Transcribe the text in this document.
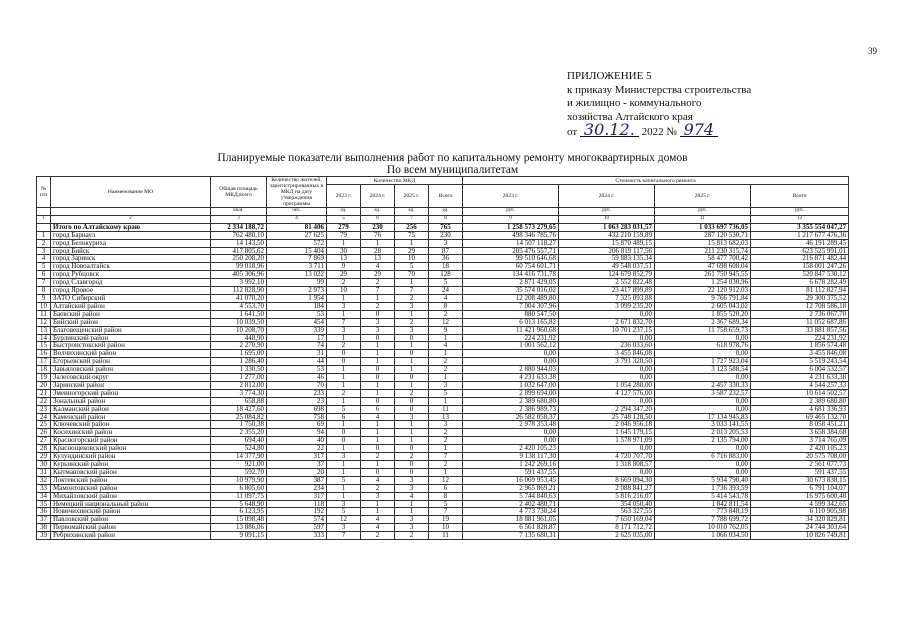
39
ПРИЛОЖЕНИЕ 5
к приказу Министерства строительства
и жилищно - коммунального
хозяйства Алтайского края
от 30.12. 2022 № 974
Планируемые показатели выполнения работ по капитальному ремонту многоквартирных домов
По всем муниципалитетам
№ п/п	Наименование МО	Общая площадь МКД,всего	Количество жителей, зарегистрированных в МКД на дату утверждения программы	Количество МКД				Стоимость капитального ремонта			
				2023 г.	2024 г.	2025 г.	Всего	2023 г.	2024 г.	2025 г.	Всего
		кв.м.	чел.	ед.	ед.	ед.	ед.	руб.	руб.	руб.	руб.
1	2	3	4	5	6	7	8	9	10	11	12
	Итого по Алтайскому краю	2 334 188,72	81 406	279	230	256	765	1 258 573 279,65	1 063 283 031,57	1 033 697 736,05	3 355 554 047,27
1	город Барнаул	762 480,10	27 625	79	76	75	230	498 346 785,76	432 210 159,89	287 120 530,71	1 217 677 476,36
2	город Белокуриха	14 143,50	572	1	1	1	3	14 507 118,27	15 870 489,15	15 813 682,03	46 191 289,45
3	город Бийск	417 805,62	15 404	30	28	29	87	205 476 557,71	206 819 117,56	211 230 315,74	623 525 991,01
4	город Заринск	250 208,20	7 869	13	13	10	36	99 510 646,68	59 883 135,34	58 477 700,42	216 871 482,44
5	город Новоалтайск	99 018,96	3 711	9	4	5	18	60 754 601,71	49 548 037,51	47 698 608,04	158 001 247,26
6	город Рубцовск	405 306,96	13 022	29	29	70	128	134 416 731,78	124 679 852,79	261 750 945,55	520 847 530,12
7	город Славгород	3 992,10	99	2	2	1	5	2 871 429,05	2 552 822,48	1 254 030,96	6 678 282,49
8	город Яровое	112 828,90	2 973	10	7	7	24	35 574 016,02	23 417 899,89	22 120 912,03	81 112 827,94
9	ЗАТО Сибирский	41 070,20	1 954	1	1	2	4	12 208 489,80	7 325 093,88	9 766 791,84	29 300 375,52
10	Алтайский район	4 553,70	184	3	2	3	8	7 004 307,96	3 099 235,20	2 605 043,02	12 708 586,18
11	Баевский район	1 641,50	53	1	0	1	2	880 547,50	0,00	1 855 520,20	2 736 067,70
12	Бийский район	10 039,50	454	7	3	2	12	6 013 165,82	2 671 832,70	2 367 689,34	11 052 687,86
13	Благовещенский район	10 208,70	339	3	3	3	9	11 421 960,68	10 701 237,15	11 758 659,73	33 881 857,56
14	Бурлинский район	448,90	17	1	0	0	1	224 231,92	0,00	0,00	224 231,92
15	Быстроистокский район	2 270,90	74	2	1	1	4	1 001 562,12	236 033,60	618 978,76	1 856 574,48
16	Волчихинский район	1 695,00	31	0	1	0	1	0,00	3 455 846,08	0,00	3 455 846,08
17	Егорьевский район	1 286,40	44	0	1	1	2	0,00	3 791 320,50	1 727 923,04	5 519 243,54
18	Завьяловский район	1 330,50	53	1	0	1	2	2 880 944,03	0,00	3 123 588,54	6 004 532,57
19	Залесовский округ	1 277,00	46	1	0	0	1	4 231 633,38	0,00	0,00	4 231 633,38
20	Заринский район	2 812,00	70	1	1	1	3	1 032 647,00	1 054 280,00	2 457 330,33	4 544 257,33
21	Змеиногорский район	3 774,30	233	2	1	2	5	2 899 694,00	4 127 576,00	3 587 232,57	10 614 502,57
22	Зональный район	658,88	23	1	0	0	1	2 389 680,80	0,00	0,00	2 389 680,80
23	Калманский район	18 427,60	698	5	6	0	11	2 386 989,73	2 294 347,20	0,00	4 681 336,93
24	Каменский район	25 084,82	758	6	4	3	13	26 582 058,37	25 748 128,50	17 134 945,83	69 465 132,70
25	Ключевский район	1 750,38	69	1	1	1	3	2 978 353,48	2 046 956,18	3 033 141,55	8 058 451,21
26	Косихинский район	2 355,20	94	0	1	1	2	0,00	1 645 179,15	2 013 205,53	3 658 384,68
27	Красногорский район	694,40	40	0	1	1	2	0,00	1 578 971,09	2 135 794,00	3 714 765,09
28	Краснощековский район	524,80	22	1	0	0	1	2 420 105,23	0,00	0,00	2 420 105,23
29	Кулундинский район	14 377,90	317	3	2	2	7	9 138 117,30	4 720 707,70	6 716 883,00	20 575 708,00
30	Курьинский район	921,00	37	1	1	0	2	1 242 269,16	1 318 808,57	0,00	2 561 077,73
31	Кытмановский район	592,70	20	1	0	0	1	591 437,55	0,00	0,00	591 437,55
32	Локтевский район	10 979,90	387	5	4	3	12	16 069 953,45	8 669 094,30	5 934 790,40	30 673 838,15
33	Мамонтовский район	6 805,60	234	1	2	3	6	2 965 869,21	2 088 841,27	1 736 393,59	6 791 104,07
34	Михайловский район	11 097,75	317	1	3	4	8	5 744 840,63	5 816 216,07	5 414 543,78	16 975 600,48
35	Немецкий национальный район	5 648,90	118	3	1	1	5	2 402 480,71	354 050,40	1 842 811,54	4 599 342,65
36	Новичихинский район	6 123,95	192	5	1	1	7	4 773 730,24	563 327,55	773 848,19	6 110 905,98
37	Павловский район	15 098,48	574	12	4	3	19	18 881 961,05	7 650 169,04	7 788 699,72	34 320 829,81
38	Первомайский район	13 886,06	597	3	4	3	10	6 561 828,87	8 171 712,72	10 010 762,05	24 744 303,64
39	Ребрихинский район	9 091,15	333	7	2	2	11	7 135 680,31	2 625 035,00	1 066 034,50	10 826 749,81
